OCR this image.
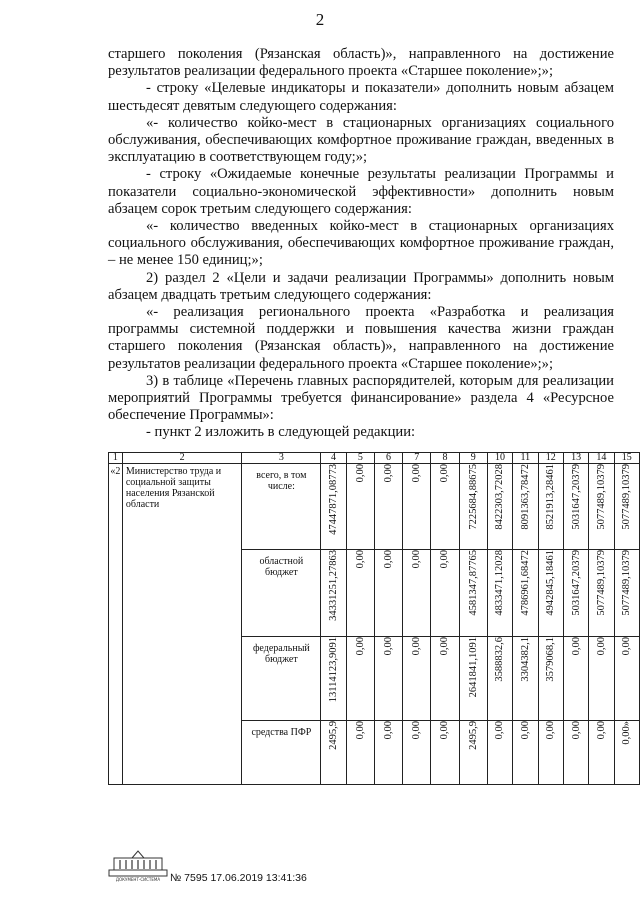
2

старшего поколения (Рязанская область)», направленного на достижение результатов реализации федерального проекта «Старшее поколение»;»;

- строку «Целевые индикаторы и показатели» дополнить новым абзацем шестьдесят девятым следующего содержания:

«- количество койко-мест в стационарных организациях социального обслуживания, обеспечивающих комфортное проживание граждан, введенных в эксплуатацию в соответствующем году;»;

- строку «Ожидаемые конечные результаты реализации Программы и показатели социально-экономической эффективности» дополнить новым абзацем сорок третьим следующего содержания:

«- количество введенных койко-мест в стационарных организациях социального обслуживания, обеспечивающих комфортное проживание граждан, – не менее 150 единиц;»;

2) раздел 2 «Цели и задачи реализации Программы» дополнить новым абзацем двадцать третьим следующего содержания:

«- реализация регионального проекта «Разработка и реализация программы системной поддержки и повышения качества жизни граждан старшего поколения (Рязанская область)», направленного на достижение результатов реализации федерального проекта «Старшее поколение»;»;

3) в таблице «Перечень главных распорядителей, которым для реализации мероприятий Программы требуется финансирование» раздела 4 «Ресурсное обеспечение Программы»:

- пункт 2 изложить в следующей редакции:

1	2	3	4	5	6	7	8	9	10	11	12	13	14	15
«2	Министерство труда и социальной защиты населения Рязанской области	всего, в том числе:	47447871,08773	0,00	0,00	0,00	0,00	7225684,88675	8422303,72028	8091363,78472	8521913,28461	5031647,20379	5077489,10379	5077489,10379

		областной бюджет	34331251,27863	0,00	0,00	0,00	0,00	4581347,87765	4833471,12028	4786961,68472	4942845,18461	5031647,20379	5077489,10379	5077489,10379

		федеральный бюджет	13114123,9091	0,00	0,00	0,00	0,00	2641841,1091	3588832,6	3304382,1	3579068,1	0,00	0,00	0,00

		средства ПФР	2495,9	0,00	0,00	0,00	0,00	2495,9	0,00	0,00	0,00	0,00	0,00	0,00»
ДОКУМЕНТ-СИСТЕМА № 7595 17.06.2019 13:41:36
